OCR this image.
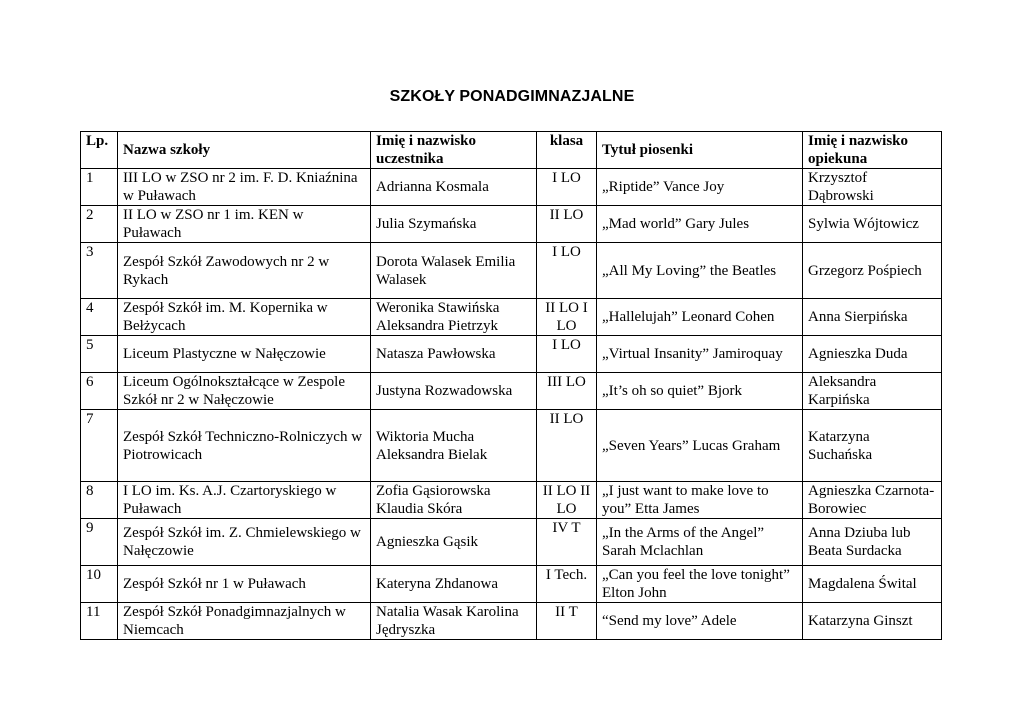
SZKOŁY PONADGIMNAZJALNE
Lp.	Nazwa szkoły	Imię i nazwisko uczestnika	klasa	Tytuł piosenki	Imię i nazwisko opiekuna
1	III LO w ZSO nr 2 im. F. D. Kniaźnina w Puławach	Adrianna Kosmala	I LO	„Riptide” Vance Joy	Krzysztof Dąbrowski
2	II LO w ZSO nr 1 im. KEN w Puławach	Julia Szymańska	II LO	„Mad world” Gary Jules	Sylwia Wójtowicz
3	Zespół Szkół Zawodowych nr 2 w Rykach	Dorota Walasek Emilia Walasek	I LO	„All My Loving” the Beatles	Grzegorz Pośpiech
4	Zespół Szkół im. M. Kopernika w Bełżycach	Weronika Stawińska Aleksandra Pietrzyk	II LO I LO	„Hallelujah” Leonard Cohen	Anna Sierpińska
5	Liceum Plastyczne w Nałęczowie	Natasza Pawłowska	I LO	„Virtual Insanity” Jamiroquay	Agnieszka Duda
6	Liceum Ogólnokształcące w Zespole Szkół nr 2 w Nałęczowie	Justyna Rozwadowska	III LO	„It’s oh so quiet” Bjork	Aleksandra Karpińska
7	Zespół Szkół Techniczno-Rolniczych w Piotrowicach	Wiktoria Mucha Aleksandra Bielak	II LO	„Seven Years” Lucas Graham	Katarzyna Suchańska
8	I LO im. Ks. A.J. Czartoryskiego w Puławach	Zofia Gąsiorowska Klaudia Skóra	II LO II LO	„I just want to make love to you” Etta James	Agnieszka Czarnota-Borowiec
9	Zespół Szkół im. Z. Chmielewskiego w Nałęczowie	Agnieszka Gąsik	IV T	„In the Arms of the Angel” Sarah Mclachlan	Anna Dziuba lub Beata Surdacka
10	Zespół Szkół nr 1 w Puławach	Kateryna Zhdanowa	I Tech.	„Can you feel the love tonight” Elton John	Magdalena Śwital
11	Zespół Szkół Ponadgimnazjalnych w Niemcach	Natalia Wasak Karolina Jędryszka	II T	“Send my love” Adele	Katarzyna Ginszt
